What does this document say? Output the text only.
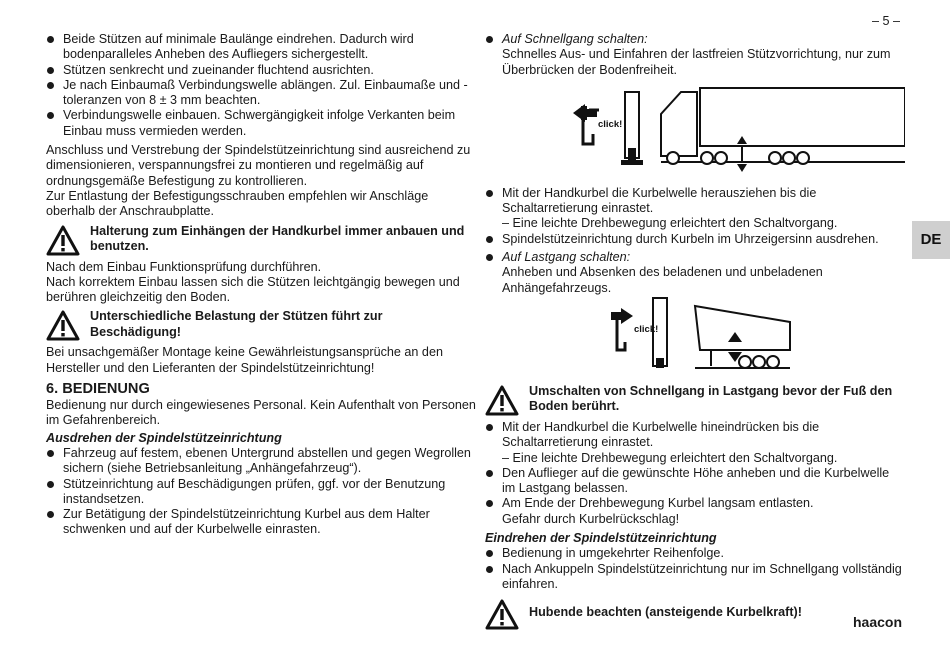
– 5 –
DE
haacon
Beide Stützen auf minimale Baulänge eindrehen. Dadurch wird bodenparalleles Anheben des Aufliegers sichergestellt.
Stützen senkrecht und zueinander fluchtend ausrichten.
Je nach Einbaumaß Verbindungswelle ablängen. Zul. Einbaumaße und -toleranzen von 8 ± 3 mm beachten.
Verbindungswelle einbauen. Schwergängigkeit infolge Verkanten beim Einbau muss vermieden werden.

Anschluss und Verstrebung der Spindelstützeinrichtung sind ausreichend zu dimensionieren, verspannungsfrei zu montieren und regelmäßig auf ordnungsgemäße Befestigung zu kontrollieren.

Zur Entlastung der Befestigungsschrauben empfehlen wir Anschläge oberhalb der Anschraubplatte.

Halterung zum Einhängen der Handkurbel immer anbauen und benutzen.

Nach dem Einbau Funktionsprüfung durchführen.

Nach korrektem Einbau lassen sich die Stützen leichtgängig bewegen und berühren gleichzeitig den Boden.

Unterschiedliche Belastung der Stützen führt zur Beschädigung!

Bei unsachgemäßer Montage keine Gewährleistungsansprüche an den Hersteller und den Lieferanten der Spindelstützeinrichtung!

6. BEDIENUNG

Bedienung nur durch eingewiesenes Personal. Kein Aufenthalt von Personen im Gefahrenbereich.

Ausdrehen der Spindelstützeinrichtung
Fahrzeug auf festem, ebenen Untergrund abstellen und gegen Wegrollen sichern (siehe Betriebsanleitung „Anhängefahrzeug“).
Stützeinrichtung auf Beschädigungen prüfen, ggf. vor der Benutzung instandsetzen.
Zur Betätigung der Spindelstützeinrichtung Kurbel aus dem Halter schwenken und auf der Kurbelwelle einrasten.
Auf Schnellgang schalten:
Schnelles Aus- und Einfahren der lastfreien Stützvorrichtung, nur zum Überbrücken der Bodenfreiheit.
click!
Mit der Handkurbel die Kurbelwelle herausziehen bis die Schaltarretierung einrastet.
– Eine leichte Drehbewegung erleichtert den Schaltvorgang.
Spindelstützeinrichtung durch Kurbeln im Uhrzeigersinn ausdrehen.
Auf Lastgang schalten:
Anheben und Absenken des beladenen und unbeladenen Anhängefahrzeugs.
click!
Umschalten von Schnellgang in Lastgang bevor der Fuß den Boden berührt.
Mit der Handkurbel die Kurbelwelle hineindrücken bis die Schaltarretierung einrastet.
– Eine leichte Drehbewegung erleichtert den Schaltvorgang.
Den Auflieger auf die gewünschte Höhe anheben und die Kurbelwelle im Lastgang belassen.
Am Ende der Drehbewegung Kurbel langsam entlasten.
Gefahr durch Kurbelrückschlag!
Eindrehen der Spindelstützeinrichtung
Bedienung in umgekehrter Reihenfolge.
Nach Ankuppeln Spindelstützeinrichtung nur im Schnellgang vollständig einfahren.
Hubende beachten (ansteigende Kurbelkraft)!
